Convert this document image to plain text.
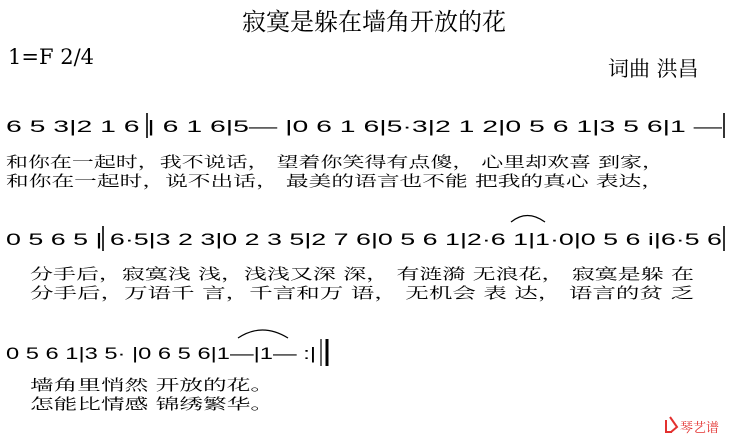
寂寞是躲在墙角开放的花
1=F 2/4	词曲 洪昌
6 5 3|2 1 6 | 6 1 6|5— |0 6 1 6|5·3|2 1 2|0 5 6 1|3 5 6|1 —
和你在一起时，我不说话， 望着你笑得有点傻， 心里却欢喜 到家，
和你在一起时，说不出话， 最美的语言也不能 把我的真心 表达，
0 5 6 5 | 6·5|3 2 3|0 2 3 5|2 7 6|0 5 6 1|2·6 1|1·0|0 5 6 i|6·5 6
分手后，寂寞浅 浅，浅浅又深 深， 有涟漪 无浪花， 寂寞是躲 在
分手后，万语千 言，千言和万 语， 无机会 表 达， 语言的贫 乏
0 5 6 1|3 5· |0 6 5 6|1—|1— :|
墙角里悄然 开放的花。
怎能比情感 锦绣繁华。
琴艺谱
